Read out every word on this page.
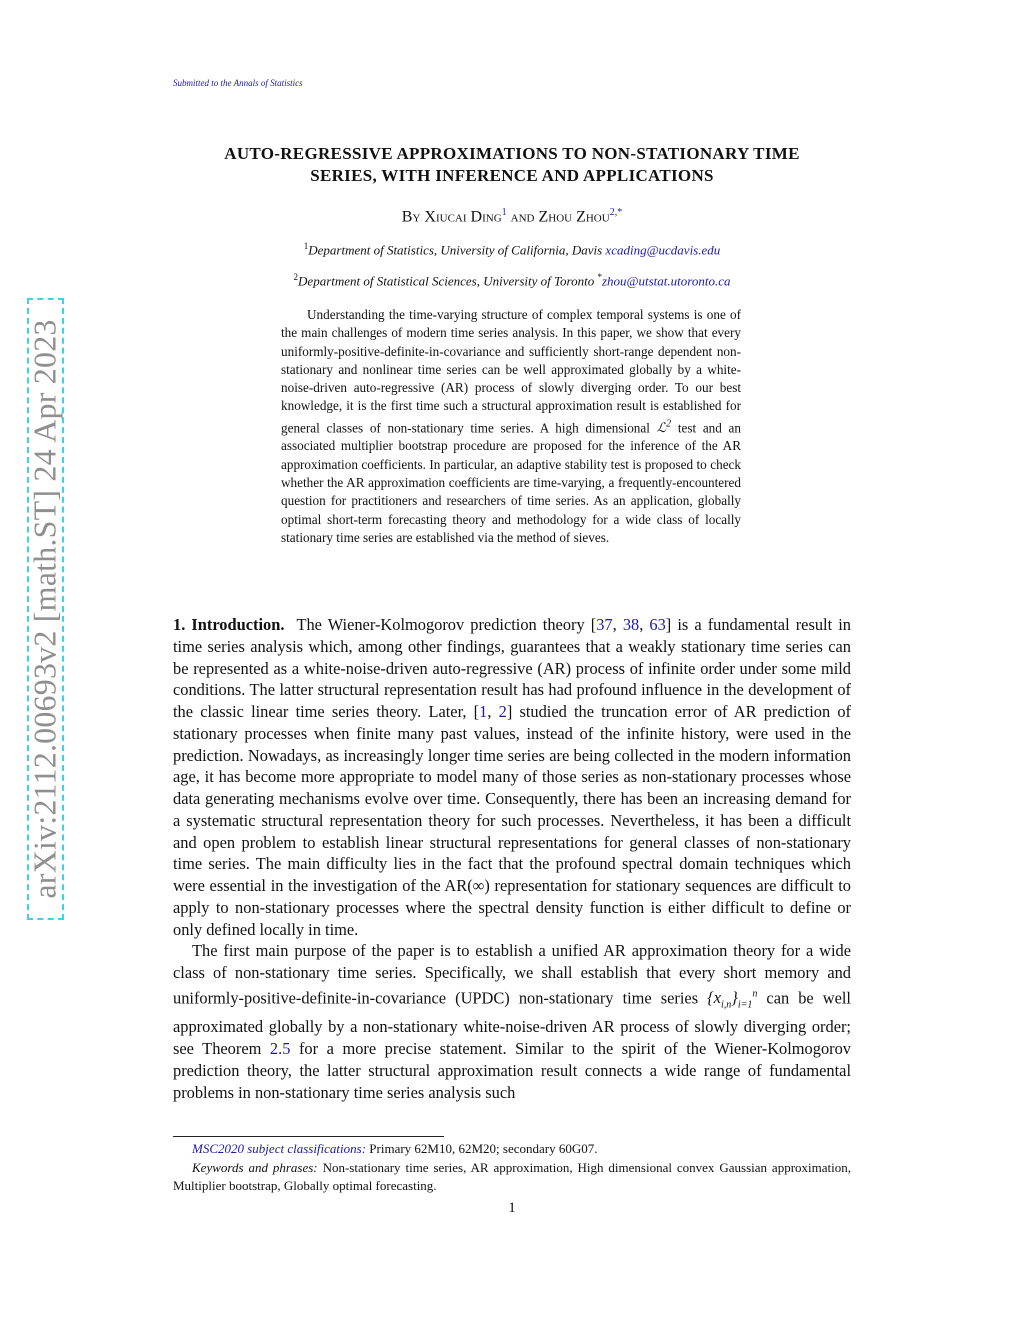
arXiv:2112.00693v2 [math.ST] 24 Apr 2023
Submitted to the Annals of Statistics
AUTO-REGRESSIVE APPROXIMATIONS TO NON-STATIONARY TIME
SERIES, WITH INFERENCE AND APPLICATIONS
By Xiucai Ding$^1$ and Zhou Zhou$^{2,*}$
$^1$Department of Statistics, University of California, Davis xcading@ucdavis.edu
$^2$Department of Statistical Sciences, University of Toronto *zhou@utstat.utoronto.ca
Understanding the time-varying structure of complex temporal systems is one of the main challenges of modern time series analysis. In this paper, we show that every uniformly-positive-definite-in-covariance and sufficiently short-range dependent non-stationary and nonlinear time series can be well approximated globally by a white-noise-driven auto-regressive (AR) process of slowly diverging order. To our best knowledge, it is the first time such a structural approximation result is established for general classes of non-stationary time series. A high dimensional ℒ$^2$ test and an associated multiplier bootstrap procedure are proposed for the inference of the AR approximation coefficients. In particular, an adaptive stability test is proposed to check whether the AR approximation coefficients are time-varying, a frequently-encountered question for practitioners and researchers of time series. As an application, globally optimal short-term forecasting theory and methodology for a wide class of locally stationary time series are established via the method of sieves.

1. Introduction. The Wiener-Kolmogorov prediction theory [37, 38, 63] is a fundamental result in time series analysis which, among other findings, guarantees that a weakly stationary time series can be represented as a white-noise-driven auto-regressive (AR) process of infinite order under some mild conditions. The latter structural representation result has had profound influence in the development of the classic linear time series theory. Later, [1, 2] studied the truncation error of AR prediction of stationary processes when finite many past values, instead of the infinite history, were used in the prediction. Nowadays, as increasingly longer time series are being collected in the modern information age, it has become more appropriate to model many of those series as non-stationary processes whose data generating mechanisms evolve over time. Consequently, there has been an increasing demand for a systematic structural representation theory for such processes. Nevertheless, it has been a difficult and open problem to establish linear structural representations for general classes of non-stationary time series. The main difficulty lies in the fact that the profound spectral domain techniques which were essential in the investigation of the AR(∞) representation for stationary sequences are difficult to apply to non-stationary processes where the spectral density function is either difficult to define or only defined locally in time.

The first main purpose of the paper is to establish a unified AR approximation theory for a wide class of non-stationary time series. Specifically, we shall establish that every short memory and uniformly-positive-definite-in-covariance (UPDC) non-stationary time series $\{x_{i,n}\}_{i=1}^n$ can be well approximated globally by a non-stationary white-noise-driven AR process of slowly diverging order; see Theorem 2.5 for a more precise statement. Similar to the spirit of the Wiener-Kolmogorov prediction theory, the latter structural approximation result connects a wide range of fundamental problems in non-stationary time series analysis such

MSC2020 subject classifications: Primary 62M10, 62M20; secondary 60G07.

Keywords and phrases: Non-stationary time series, AR approximation, High dimensional convex Gaussian approximation, Multiplier bootstrap, Globally optimal forecasting.

1
